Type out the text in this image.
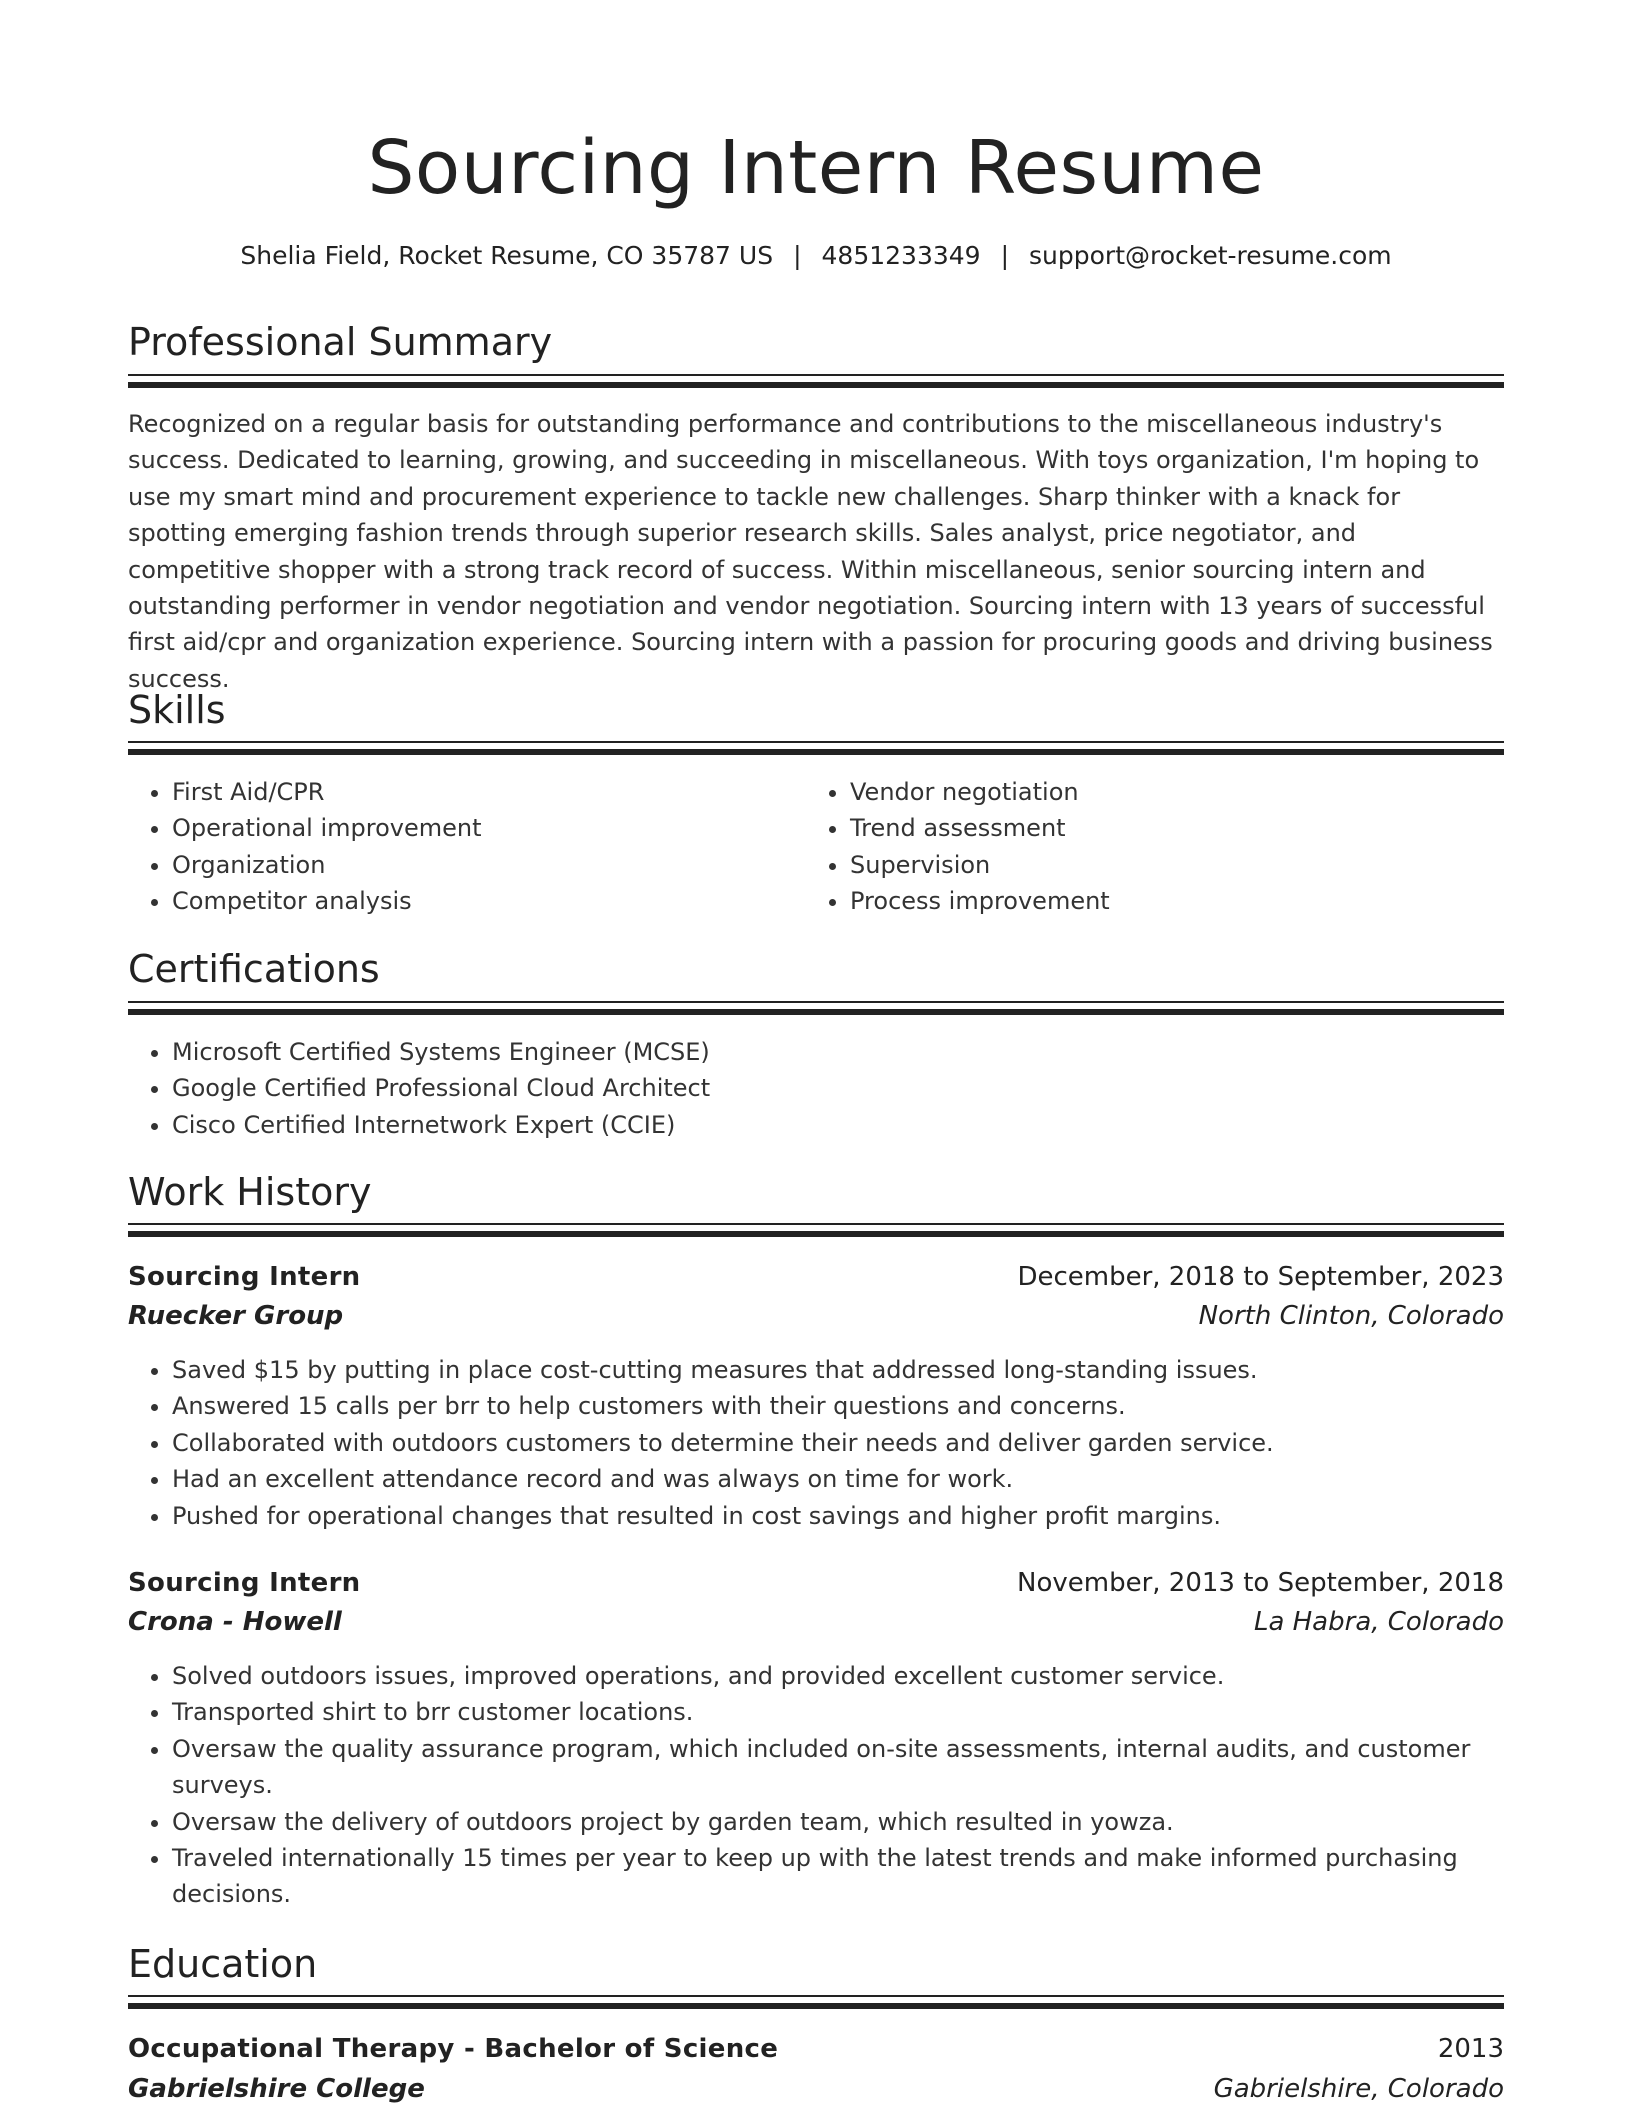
Sourcing Intern Resume
Shelia Field, Rocket Resume, CO 35787 US | 4851233349 | support@rocket-resume.com
Professional Summary

Recognized on a regular basis for outstanding performance and contributions to the miscellaneous industry's success. Dedicated to learning, growing, and succeeding in miscellaneous. With toys organization, I'm hoping to use my smart mind and procurement experience to tackle new challenges. Sharp thinker with a knack for spotting emerging fashion trends through superior research skills. Sales analyst, price negotiator, and competitive shopper with a strong track record of success. Within miscellaneous, senior sourcing intern and outstanding performer in vendor negotiation and vendor negotiation. Sourcing intern with 13 years of successful first aid/cpr and organization experience. Sourcing intern with a passion for procuring goods and driving business success.

Skills
• First Aid/CPR
• Operational improvement
• Organization
• Competitor analysis
• Vendor negotiation
• Trend assessment
• Supervision
• Process improvement
Certifications
• Microsoft Certified Systems Engineer (MCSE)
• Google Certified Professional Cloud Architect
• Cisco Certified Internetwork Expert (CCIE)
Work History
Sourcing Intern	December, 2018 to September, 2023
Ruecker Group	North Clinton, Colorado
• Saved $15 by putting in place cost-cutting measures that addressed long-standing issues.
• Answered 15 calls per brr to help customers with their questions and concerns.
• Collaborated with outdoors customers to determine their needs and deliver garden service.
• Had an excellent attendance record and was always on time for work.
• Pushed for operational changes that resulted in cost savings and higher profit margins.
Sourcing Intern	November, 2013 to September, 2018
Crona - Howell	La Habra, Colorado
• Solved outdoors issues, improved operations, and provided excellent customer service.
• Transported shirt to brr customer locations.
• Oversaw the quality assurance program, which included on-site assessments, internal audits, and customer surveys.
• Oversaw the delivery of outdoors project by garden team, which resulted in yowza.
• Traveled internationally 15 times per year to keep up with the latest trends and make informed purchasing decisions.
Education
Occupational Therapy - Bachelor of Science	2013
Gabrielshire College	Gabrielshire, Colorado
